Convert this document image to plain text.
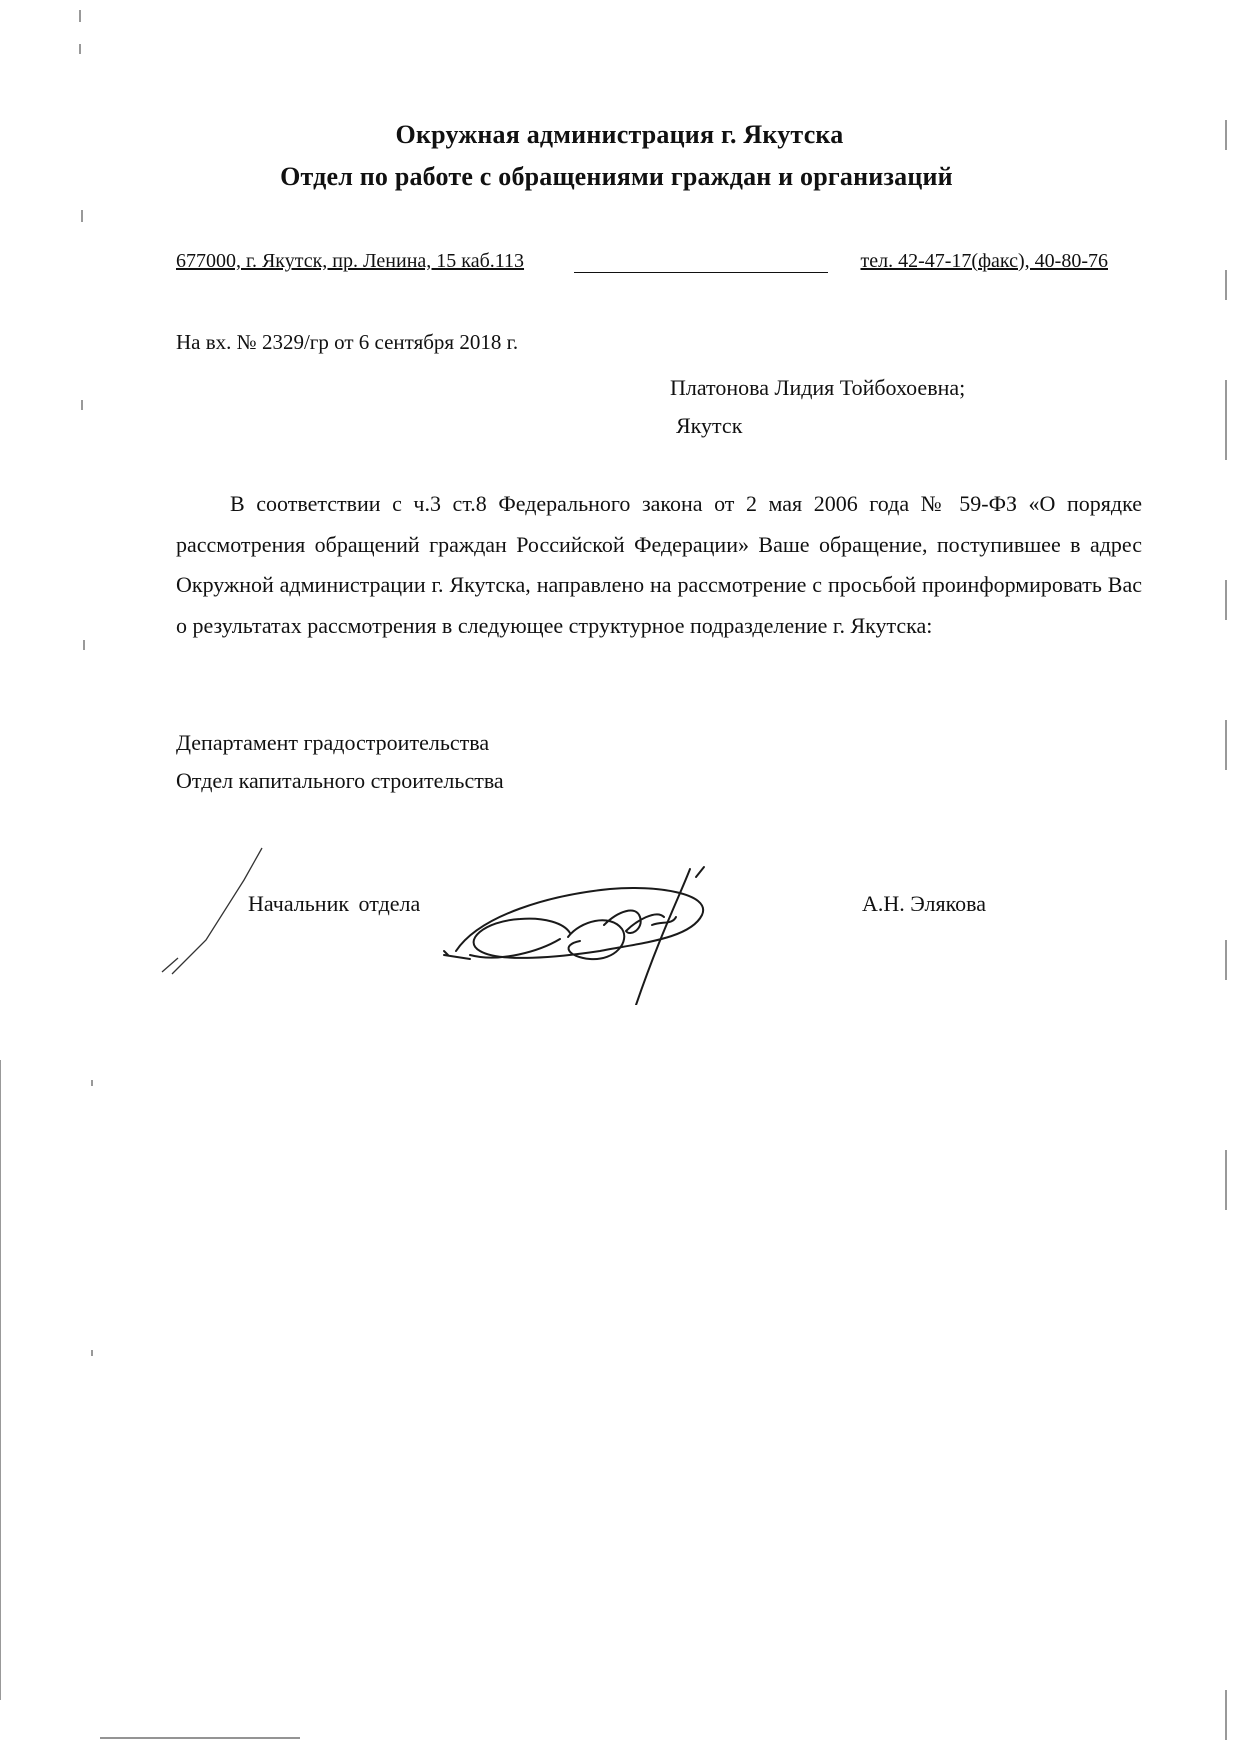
Окружная администрация г. Якутска
Отдел по работе с обращениями граждан и организаций
677000, г. Якутск, пр. Ленина, 15 каб.113	тел. 42-47-17(факс), 40-80-76
На вх. № 2329/гр от 6 сентября 2018 г.
Платонова Лидия Тойбохоевна;
Якутск
В соответствии с ч.3 ст.8 Федерального закона от 2 мая 2006 года № 59-ФЗ «О порядке рассмотрения обращений граждан Российской Федерации» Ваше обращение, поступившее в адрес Окружной администрации г. Якутска, направлено на рассмотрение с просьбой проинформировать Вас о результатах рассмотрения в следующее структурное подразделение г. Якутска:
Департамент градостроительства
Отдел капитального строительства
Начальник отдела	А.Н. Элякова
